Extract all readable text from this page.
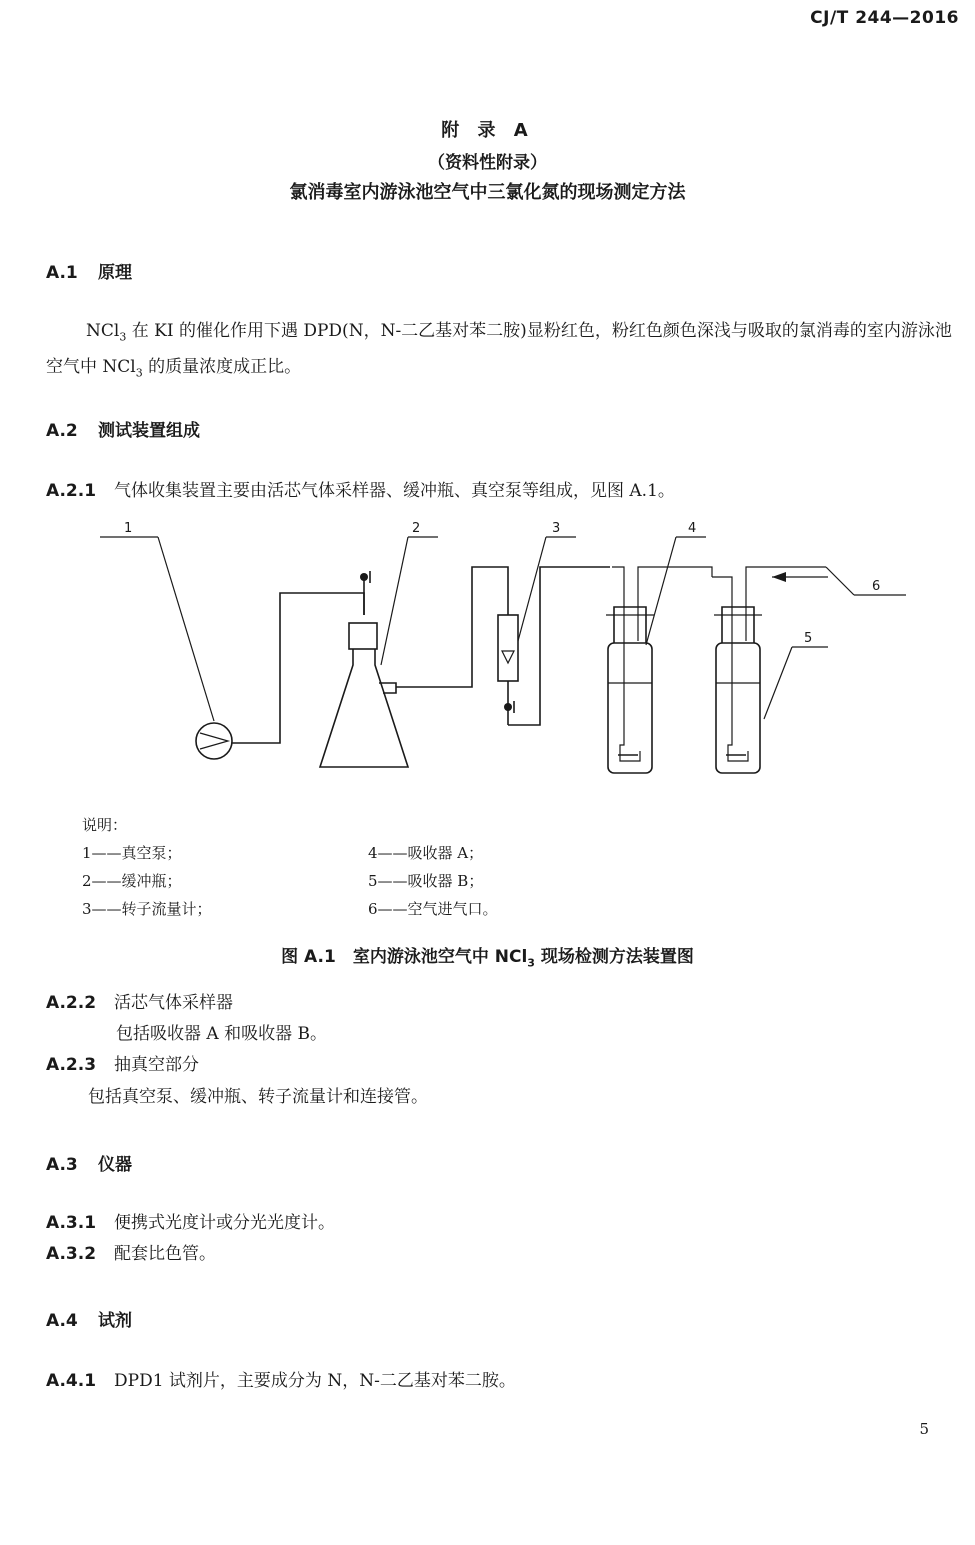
CJ/T 244—2016
附 录 A
（资料性附录）
氯消毒室内游泳池空气中三氯化氮的现场测定方法
A.1 原理
NCl$_3$ 在 KI 的催化作用下遇 DPD(N，N-二乙基对苯二胺)显粉红色，粉红色颜色深浅与吸取的氯消毒的室内游泳池空气中 NCl$_3$ 的质量浓度成正比。
A.2 测试装置组成
A.2.1 气体收集装置主要由活芯气体采样器、缓冲瓶、真空泵等组成，见图 A.1。
1	2	3	4
6
5
说明：
1——真空泵；
2——缓冲瓶；
3——转子流量计；
4——吸收器 A；
5——吸收器 B；
6——空气进气口。
图 A.1　室内游泳池空气中 NCl$_3$ 现场检测方法装置图
A.2.2 活芯气体采样器
包括吸收器 A 和吸收器 B。
A.2.3 抽真空部分
包括真空泵、缓冲瓶、转子流量计和连接管。
A.3 仪器
A.3.1 便携式光度计或分光光度计。
A.3.2 配套比色管。
A.4 试剂
A.4.1 DPD1 试剂片，主要成分为 N，N-二乙基对苯二胺。
5
